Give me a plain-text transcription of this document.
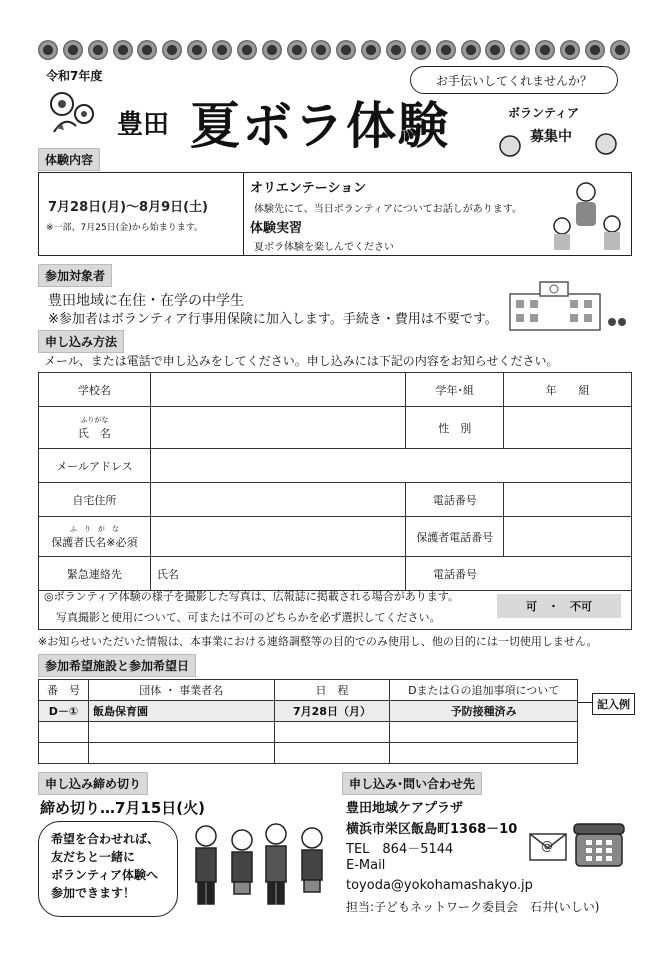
令和7年度
豊田 夏ボラ体験
お手伝いしてくれませんか？
ボランティア
募集中
体験内容
7月28日(月)～8月9日(土)
※一部、7月25日(金)から始まります。
オリエンテーション
体験先にて、当日ボランティアについてお話しがあります。
体験実習
夏ボラ体験を楽しんでください
参加対象者
豊田地域に在住・在学の中学生
※参加者はボランティア行事用保険に加入します。手続き・費用は不要です。
申し込み方法
メール、または電話で申し込みをしてください。申し込みには下記の内容をお知らせください。
学校名		学年･組	年　　組

ふりがな
氏　名		性　別	
メールアドレス			
自宅住所		電話番号	

ふ　り　が　な
保護者氏名※必須		保護者電話番号	
緊急連絡先	氏名	電話番号	
◎ボランティア体験の様子を撮影した写真は、広報誌に掲載される場合があります。
写真撮影と使用について、可または不可のどちらかを必ず選択してください。
可　・　不可
※お知らせいただいた情報は、本事業における連絡調整等の目的でのみ使用し、他の目的には一切使用しません。
参加希望施設と参加希望日
番　号	団体 ・ 事業者名	日　程	DまたはＧの追加事項について
D－①	飯島保育園	7月28日（月）	予防接種済み

記入例
申し込み締め切り
締め切り…7月15日(火)
希望を合わせれば、
友だちと一緒に
ボランティア体験へ
参加できます！
申し込み･問い合わせ先
豊田地域ケアプラザ
横浜市栄区飯島町1368－10
TEL　864－5144
E-Mail
toyoda@yokohamashakyo.jp
担当:子どもネットワーク委員会　石井(いしい)
@
